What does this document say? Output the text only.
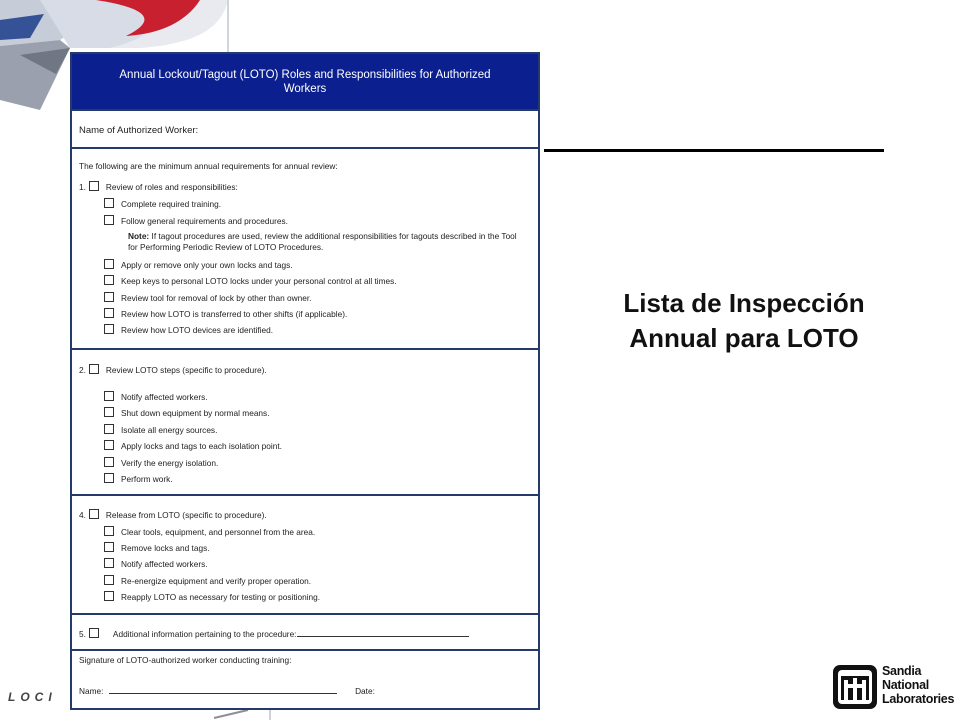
LOCI
Annual Lockout/Tagout (LOTO) Roles and Responsibilities for Authorized
Workers
Name of Authorized Worker:
The following are the minimum annual requirements for annual review:
1. Review of roles and responsibilities:
Complete required training.
Follow general requirements and procedures.
Note: If tagout procedures are used, review the additional responsibilities for tagouts described in the Tool for Performing Periodic Review of LOTO Procedures.
Apply or remove only your own locks and tags.
Keep keys to personal LOTO locks under your personal control at all times.
Review tool for removal of lock by other than owner.
Review how LOTO is transferred to other shifts (if applicable).
Review how LOTO devices are identified.
2. Review LOTO steps (specific to procedure).
Notify affected workers.
Shut down equipment by normal means.
Isolate all energy sources.
Apply locks and tags to each isolation point.
Verify the energy isolation.
Perform work.
4. Release from LOTO (specific to procedure).
Clear tools, equipment, and personnel from the area.
Remove locks and tags.
Notify affected workers.
Re-energize equipment and verify proper operation.
Reapply LOTO as necessary for testing or positioning.
5.	Additional information pertaining to the procedure:
Signature of LOTO-authorized worker conducting training:
Name:	Date:
Lista de Inspección
Annual para LOTO
Sandia
National
Laboratories
